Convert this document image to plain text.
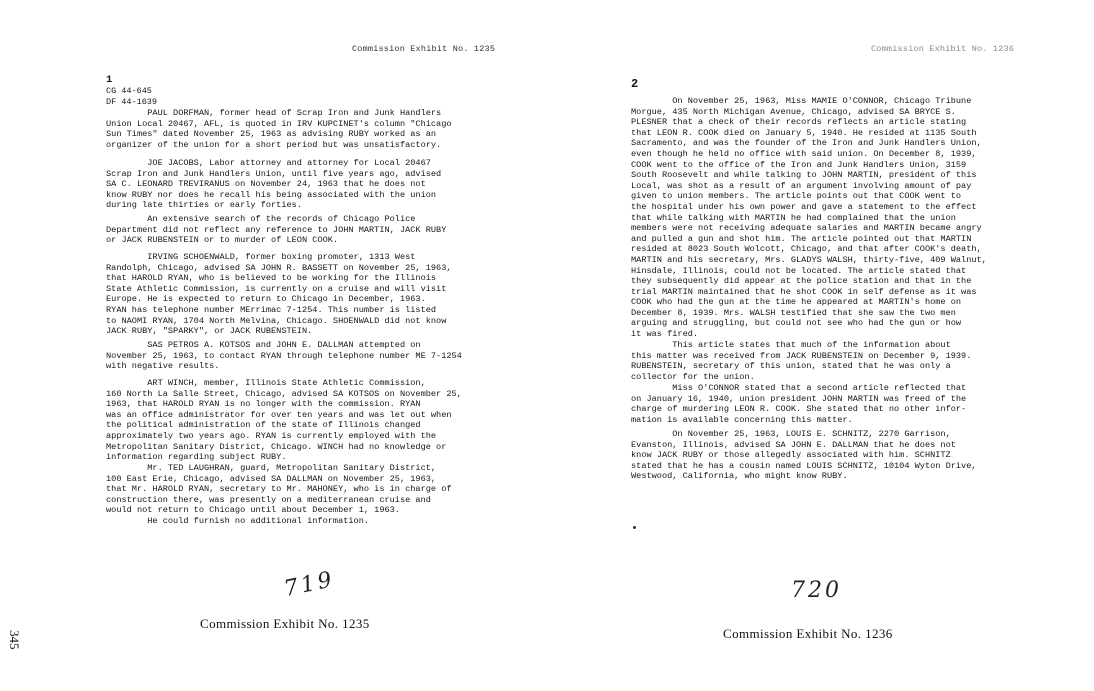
Commission Exhibit No. 1235
1
CG 44-645
DF 44-1639
PAUL DORFMAN, former head of Scrap Iron and Junk Handlers
Union Local 20467, AFL, is quoted in IRV KUPCINET's column "Chicago
Sun Times" dated November 25, 1963 as advising RUBY worked as an
organizer of the union for a short period but was unsatisfactory.
JOE JACOBS, Labor attorney and attorney for Local 20467
Scrap Iron and Junk Handlers Union, until five years ago, advised
SA C. LEONARD TREVIRANUS on November 24, 1963 that he does not
know RUBY nor does he recall his being associated with the union
during late thirties or early forties.
An extensive search of the records of Chicago Police
Department did not reflect any reference to JOHN MARTIN, JACK RUBY
or JACK RUBENSTEIN or to murder of LEON COOK.
IRVING SCHOENWALD, former boxing promoter, 1313 West
Randolph, Chicago, advised SA JOHN R. BASSETT on November 25, 1963,
that HAROLD RYAN, who is believed to be working for the Illinois
State Athletic Commission, is currently on a cruise and will visit
Europe. He is expected to return to Chicago in December, 1963.
RYAN has telephone number MErrimac 7-1254. This number is listed
to NAOMI RYAN, 1704 North Melvina, Chicago. SHOENWALD did not know
JACK RUBY, "SPARKY", or JACK RUBENSTEIN.
SAS PETROS A. KOTSOS and JOHN E. DALLMAN attempted on
November 25, 1963, to contact RYAN through telephone number ME 7-1254
with negative results.
ART WINCH, member, Illinois State Athletic Commission,
160 North La Salle Street, Chicago, advised SA KOTSOS on November 25,
1963, that HAROLD RYAN is no longer with the commission. RYAN
was an office administrator for over ten years and was let out when
the political administration of the state of Illinois changed
approximately two years ago. RYAN is currently employed with the
Metropolitan Sanitary District, Chicago. WINCH had no knowledge or
information regarding subject RUBY.
Mr. TED LAUGHRAN, guard, Metropolitan Sanitary District,
100 East Erie, Chicago, advised SA DALLMAN on November 25, 1963,
that Mr. HAROLD RYAN, secretary to Mr. MAHONEY, who is in charge of
construction there, was presently on a mediterranean cruise and
would not return to Chicago until about December 1, 1963.
He could furnish no additional information.
719
Commission Exhibit No. 1235
345
Commission Exhibit No. 1236
2
On November 25, 1963, Miss MAMIE O'CONNOR, Chicago Tribune
Morgue, 435 North Michigan Avenue, Chicago, advised SA BRYCE S.
PLESNER that a check of their records reflects an article stating
that LEON R. COOK died on January 5, 1940. He resided at 1135 South
Sacramento, and was the founder of the Iron and Junk Handlers Union,
even though he held no office with said union. On December 8, 1939,
COOK went to the office of the Iron and Junk Handlers Union, 3159
South Roosevelt and while talking to JOHN MARTIN, president of this
Local, was shot as a result of an argument involving amount of pay
given to union members. The article points out that COOK went to
the hospital under his own power and gave a statement to the effect
that while talking with MARTIN he had complained that the union
members were not receiving adequate salaries and MARTIN became angry
and pulled a gun and shot him. The article pointed out that MARTIN
resided at 8023 South Wolcott, Chicago, and that after COOK's death,
MARTIN and his secretary, Mrs. GLADYS WALSH, thirty-five, 409 Walnut,
Hinsdale, Illinois, could not be located. The article stated that
they subsequently did appear at the police station and that in the
trial MARTIN maintained that he shot COOK in self defense as it was
COOK who had the gun at the time he appeared at MARTIN's home on
December 8, 1939. Mrs. WALSH testified that she saw the two men
arguing and struggling, but could not see who had the gun or how
it was fired.
This article states that much of the information about
this matter was received from JACK RUBENSTEIN on December 9, 1939.
RUBENSTEIN, secretary of this union, stated that he was only a
collector for the union.
Miss O'CONNOR stated that a second article reflected that
on January 16, 1940, union president JOHN MARTIN was freed of the
charge of murdering LEON R. COOK. She stated that no other infor-
mation is available concerning this matter.
On November 25, 1963, LOUIS E. SCHNITZ, 2270 Garrison,
Evanston, Illinois, advised SA JOHN E. DALLMAN that he does not
know JACK RUBY or those allegedly associated with him. SCHNITZ
stated that he has a cousin named LOUIS SCHNITZ, 10104 Wyton Drive,
Westwood, California, who might know RUBY.
720
Commission Exhibit No. 1236
